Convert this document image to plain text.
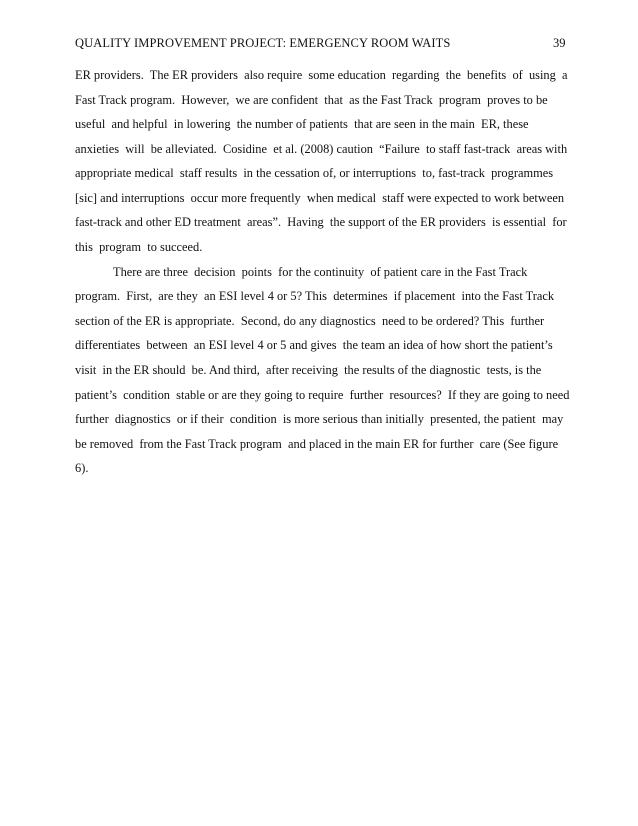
QUALITY IMPROVEMENT PROJECT: EMERGENCY ROOM WAITS	39
ER providers.  The ER providers  also require  some education  regarding  the  benefits  of  using  a
Fast Track program.  However,  we are confident  that  as the Fast Track  program  proves to be
useful  and helpful  in lowering  the number of patients  that are seen in the main  ER, these
anxieties  will  be alleviated.  Cosidine  et al. (2008) caution  “Failure  to staff fast-track  areas with
appropriate medical  staff results  in the cessation of, or interruptions  to, fast-track  programmes
[sic] and interruptions  occur more frequently  when medical  staff were expected to work between
fast-track and other ED treatment  areas”.  Having  the support of the ER providers  is essential  for
this  program  to succeed.
There are three  decision  points  for the continuity  of patient care in the Fast Track
program.  First,  are they  an ESI level 4 or 5? This  determines  if placement  into the Fast Track
section of the ER is appropriate.  Second, do any diagnostics  need to be ordered? This  further
differentiates  between  an ESI level 4 or 5 and gives  the team an idea of how short the patient’s
visit  in the ER should  be. And third,  after receiving  the results of the diagnostic  tests, is the
patient’s  condition  stable or are they going to require  further  resources?  If they are going to need
further  diagnostics  or if their  condition  is more serious than initially  presented, the patient  may
be removed  from the Fast Track program  and placed in the main ER for further  care (See figure
6).
